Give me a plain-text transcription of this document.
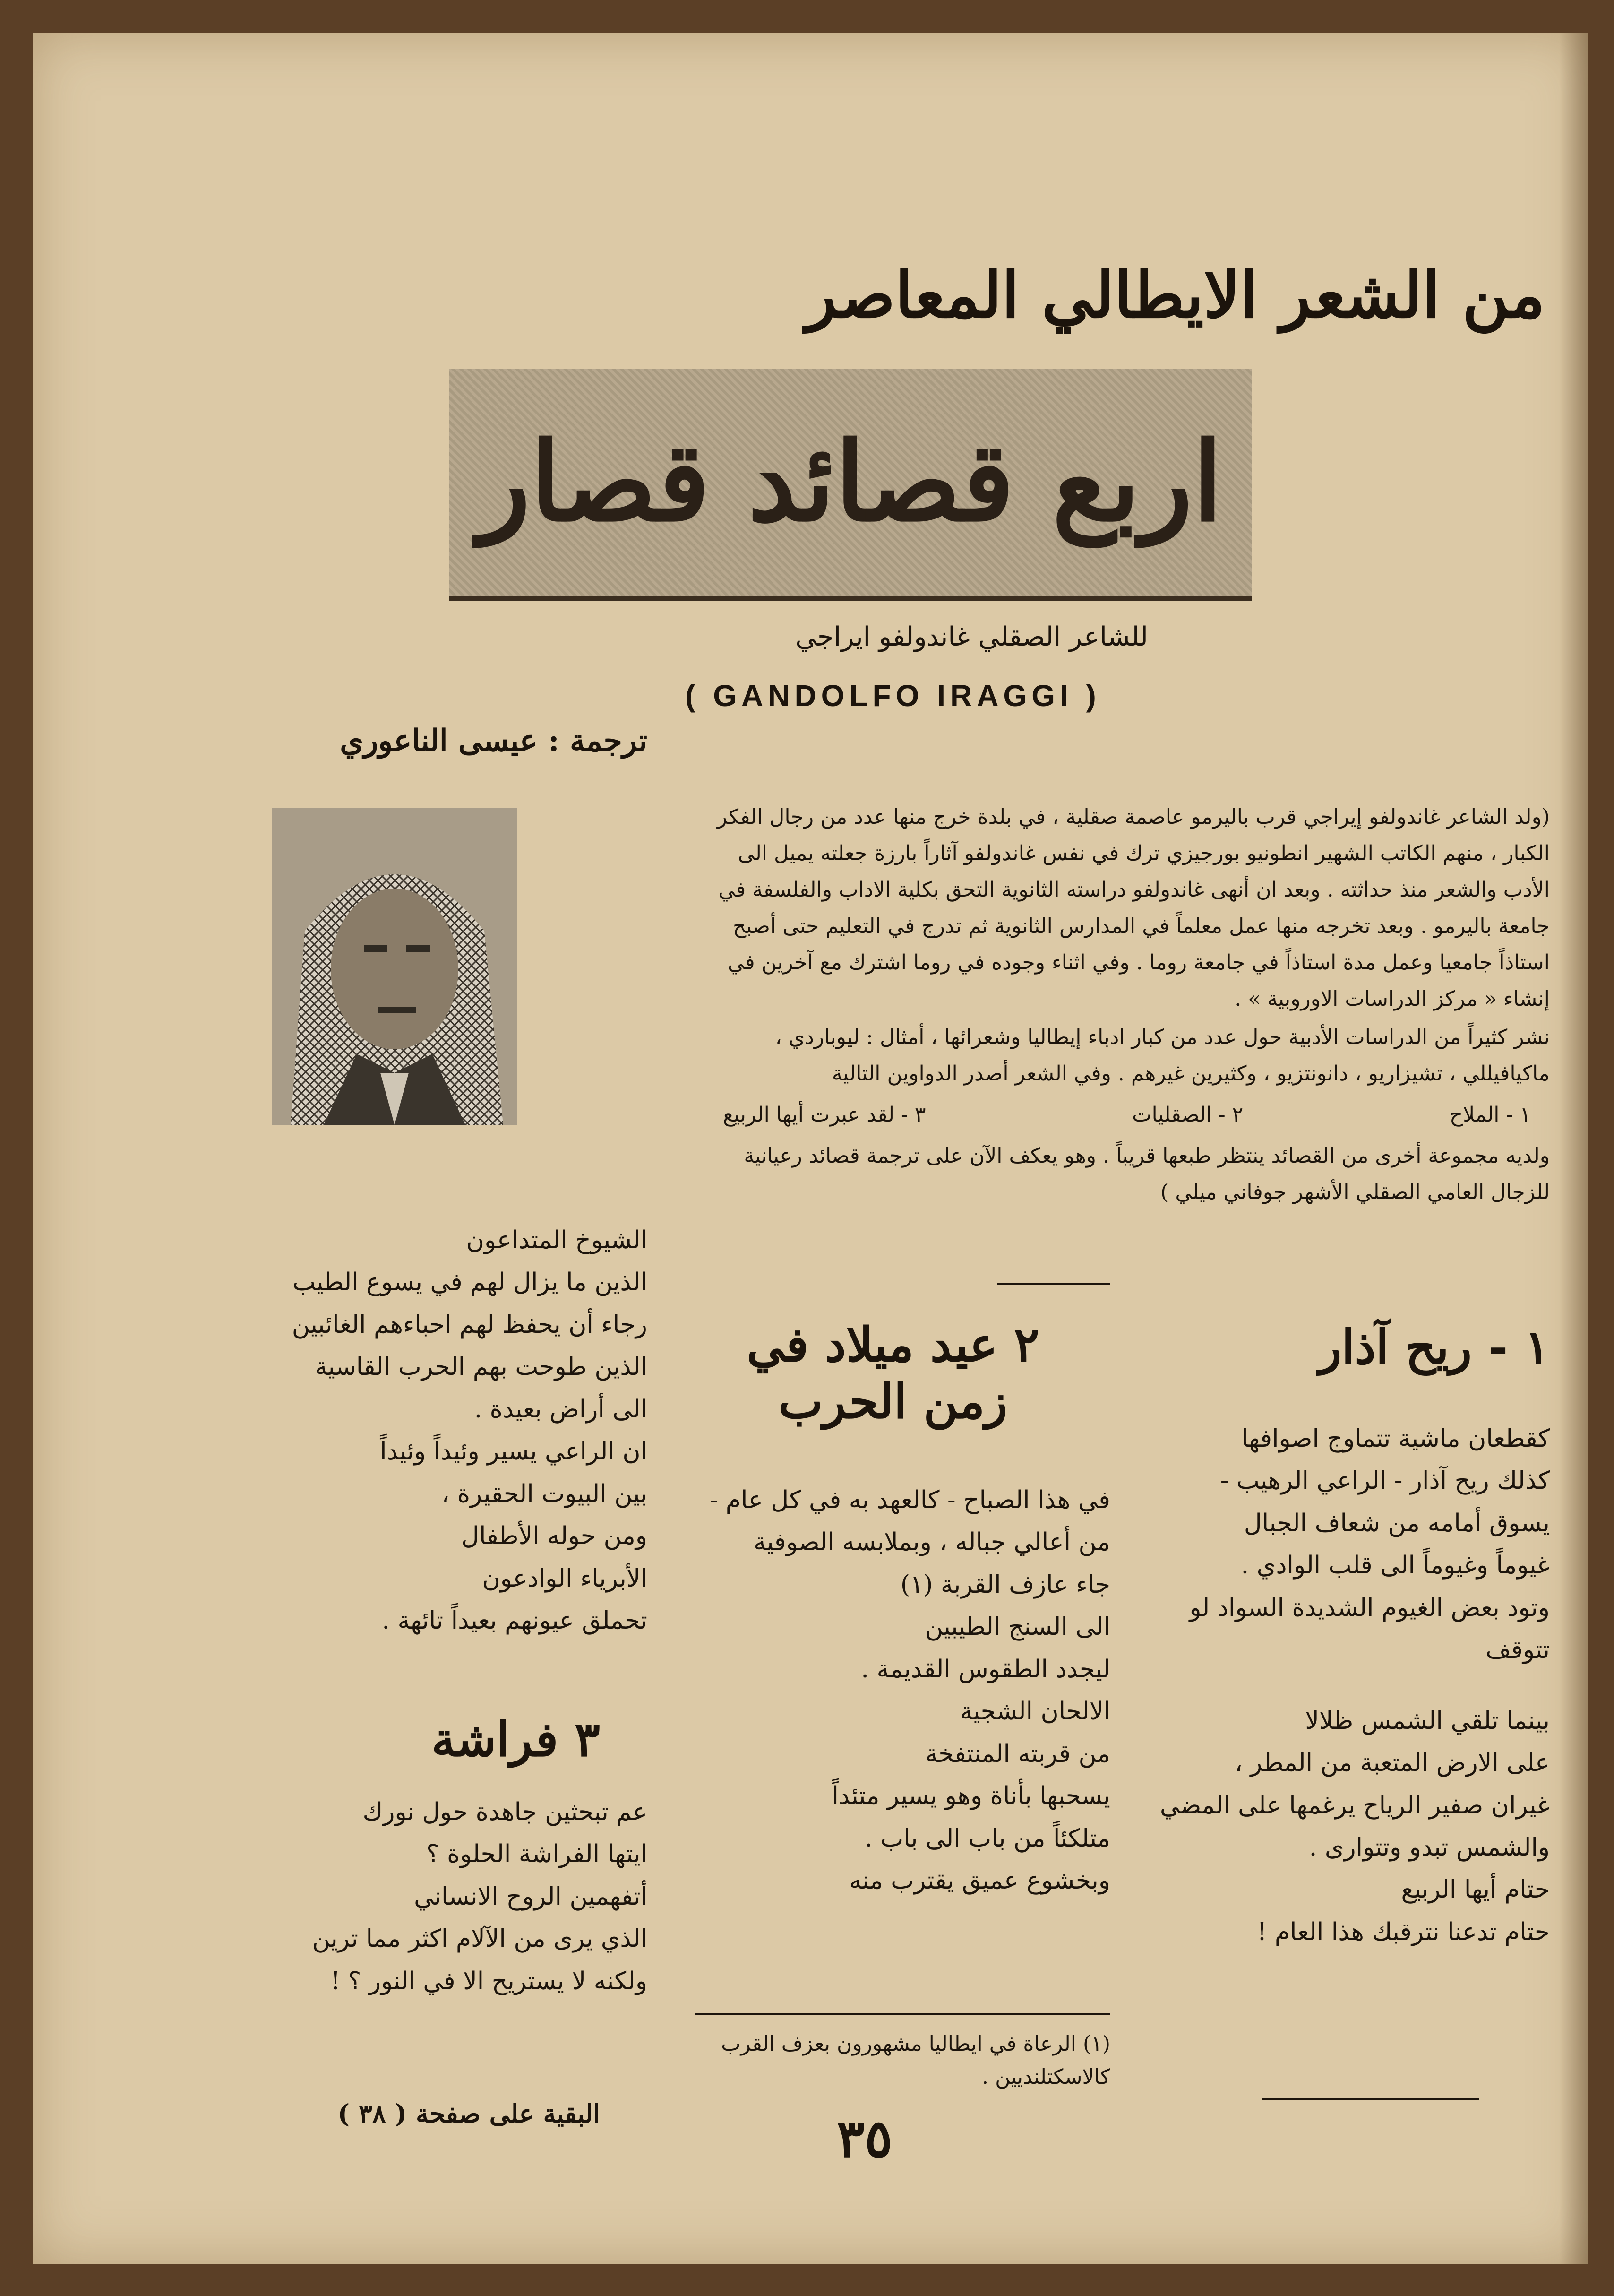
من الشعر الايطالي المعاصر
اربع قصائد قصار
للشاعر الصقلي غاندولفو ايراجي
( GANDOLFO IRAGGI )
ترجمة : عيسى الناعوري

(ولد الشاعر غاندولفو إيراجي قرب باليرمو عاصمة صقلية ، في بلدة خرج منها عدد من رجال الفكر الكبار ، منهم الكاتب الشهير انطونيو بورجيزي ترك في نفس غاندولفو آثاراً بارزة جعلته يميل الى الأدب والشعر منذ حداثته . وبعد ان أنهى غاندولفو دراسته الثانوية التحق بكلية الاداب والفلسفة في جامعة باليرمو . وبعد تخرجه منها عمل معلماً في المدارس الثانوية ثم تدرج في التعليم حتى أصبح استاذاً جامعيا وعمل مدة استاذاً في جامعة روما . وفي اثناء وجوده في روما اشترك مع آخرين في إنشاء « مركز الدراسات الاوروبية » .

نشر كثيراً من الدراسات الأدبية حول عدد من كبار ادباء إيطاليا وشعرائها ، أمثال : ليوباردي ، ماكيافيللي ، تشيزاريو ، دانونتزيو ، وكثيرين غيرهم . وفي الشعر أصدر الدواوين التالية

١ - الملاح
٢ - الصقليات
٣ - لقد عبرت أيها الربيع

ولديه مجموعة أخرى من القصائد ينتظر طبعها قريباً . وهو يعكف الآن على ترجمة قصائد رعيانية للزجال العامي الصقلي الأشهر جوفاني ميلي )

١ - ريح آذار

كقطعان ماشية تتماوج اصوافها

كذلك ريح آذار - الراعي الرهيب -

يسوق أمامه من شعاف الجبال

غيوماً وغيوماً الى قلب الوادي .

وتود بعض الغيوم الشديدة السواد لو

تتوقف

بينما تلقي الشمس ظلالا

على الارض المتعبة من المطر ،

غيران صفير الرياح يرغمها على المضي

والشمس تبدو وتتوارى .

حتام أيها الربيع

حتام تدعنا نترقبك هذا العام !

٢ عيد ميلاد في زمن الحرب

في هذا الصباح - كالعهد به في كل عام -

من أعالي جباله ، وبملابسه الصوفية

جاء عازف القربة (١)

الى السنج الطيبين

ليجدد الطقوس القديمة .

الالحان الشجية

من قربته المنتفخة

يسحبها بأناة وهو يسير متئداً

متلكئاً من باب الى باب .

وبخشوع عميق يقترب منه

(١) الرعاة في ايطاليا مشهورون بعزف القرب كالاسكتلنديين .

الشيوخ المتداعون

الذين ما يزال لهم في يسوع الطيب

رجاء أن يحفظ لهم احباءهم الغائبين

الذين طوحت بهم الحرب القاسية

الى أراض بعيدة .

ان الراعي يسير وئيداً وئيداً

بين البيوت الحقيرة ،

ومن حوله الأطفال

الأبرياء الوادعون

تحملق عيونهم بعيداً تائهة .

٣ فراشة

عم تبحثين جاهدة حول نورك

ايتها الفراشة الحلوة ؟

أتفهمين الروح الانساني

الذي يرى من الآلام اكثر مما ترين

ولكنه لا يستريح الا في النور ؟ !

البقية على صفحة ( ٣٨ )	٣٥
